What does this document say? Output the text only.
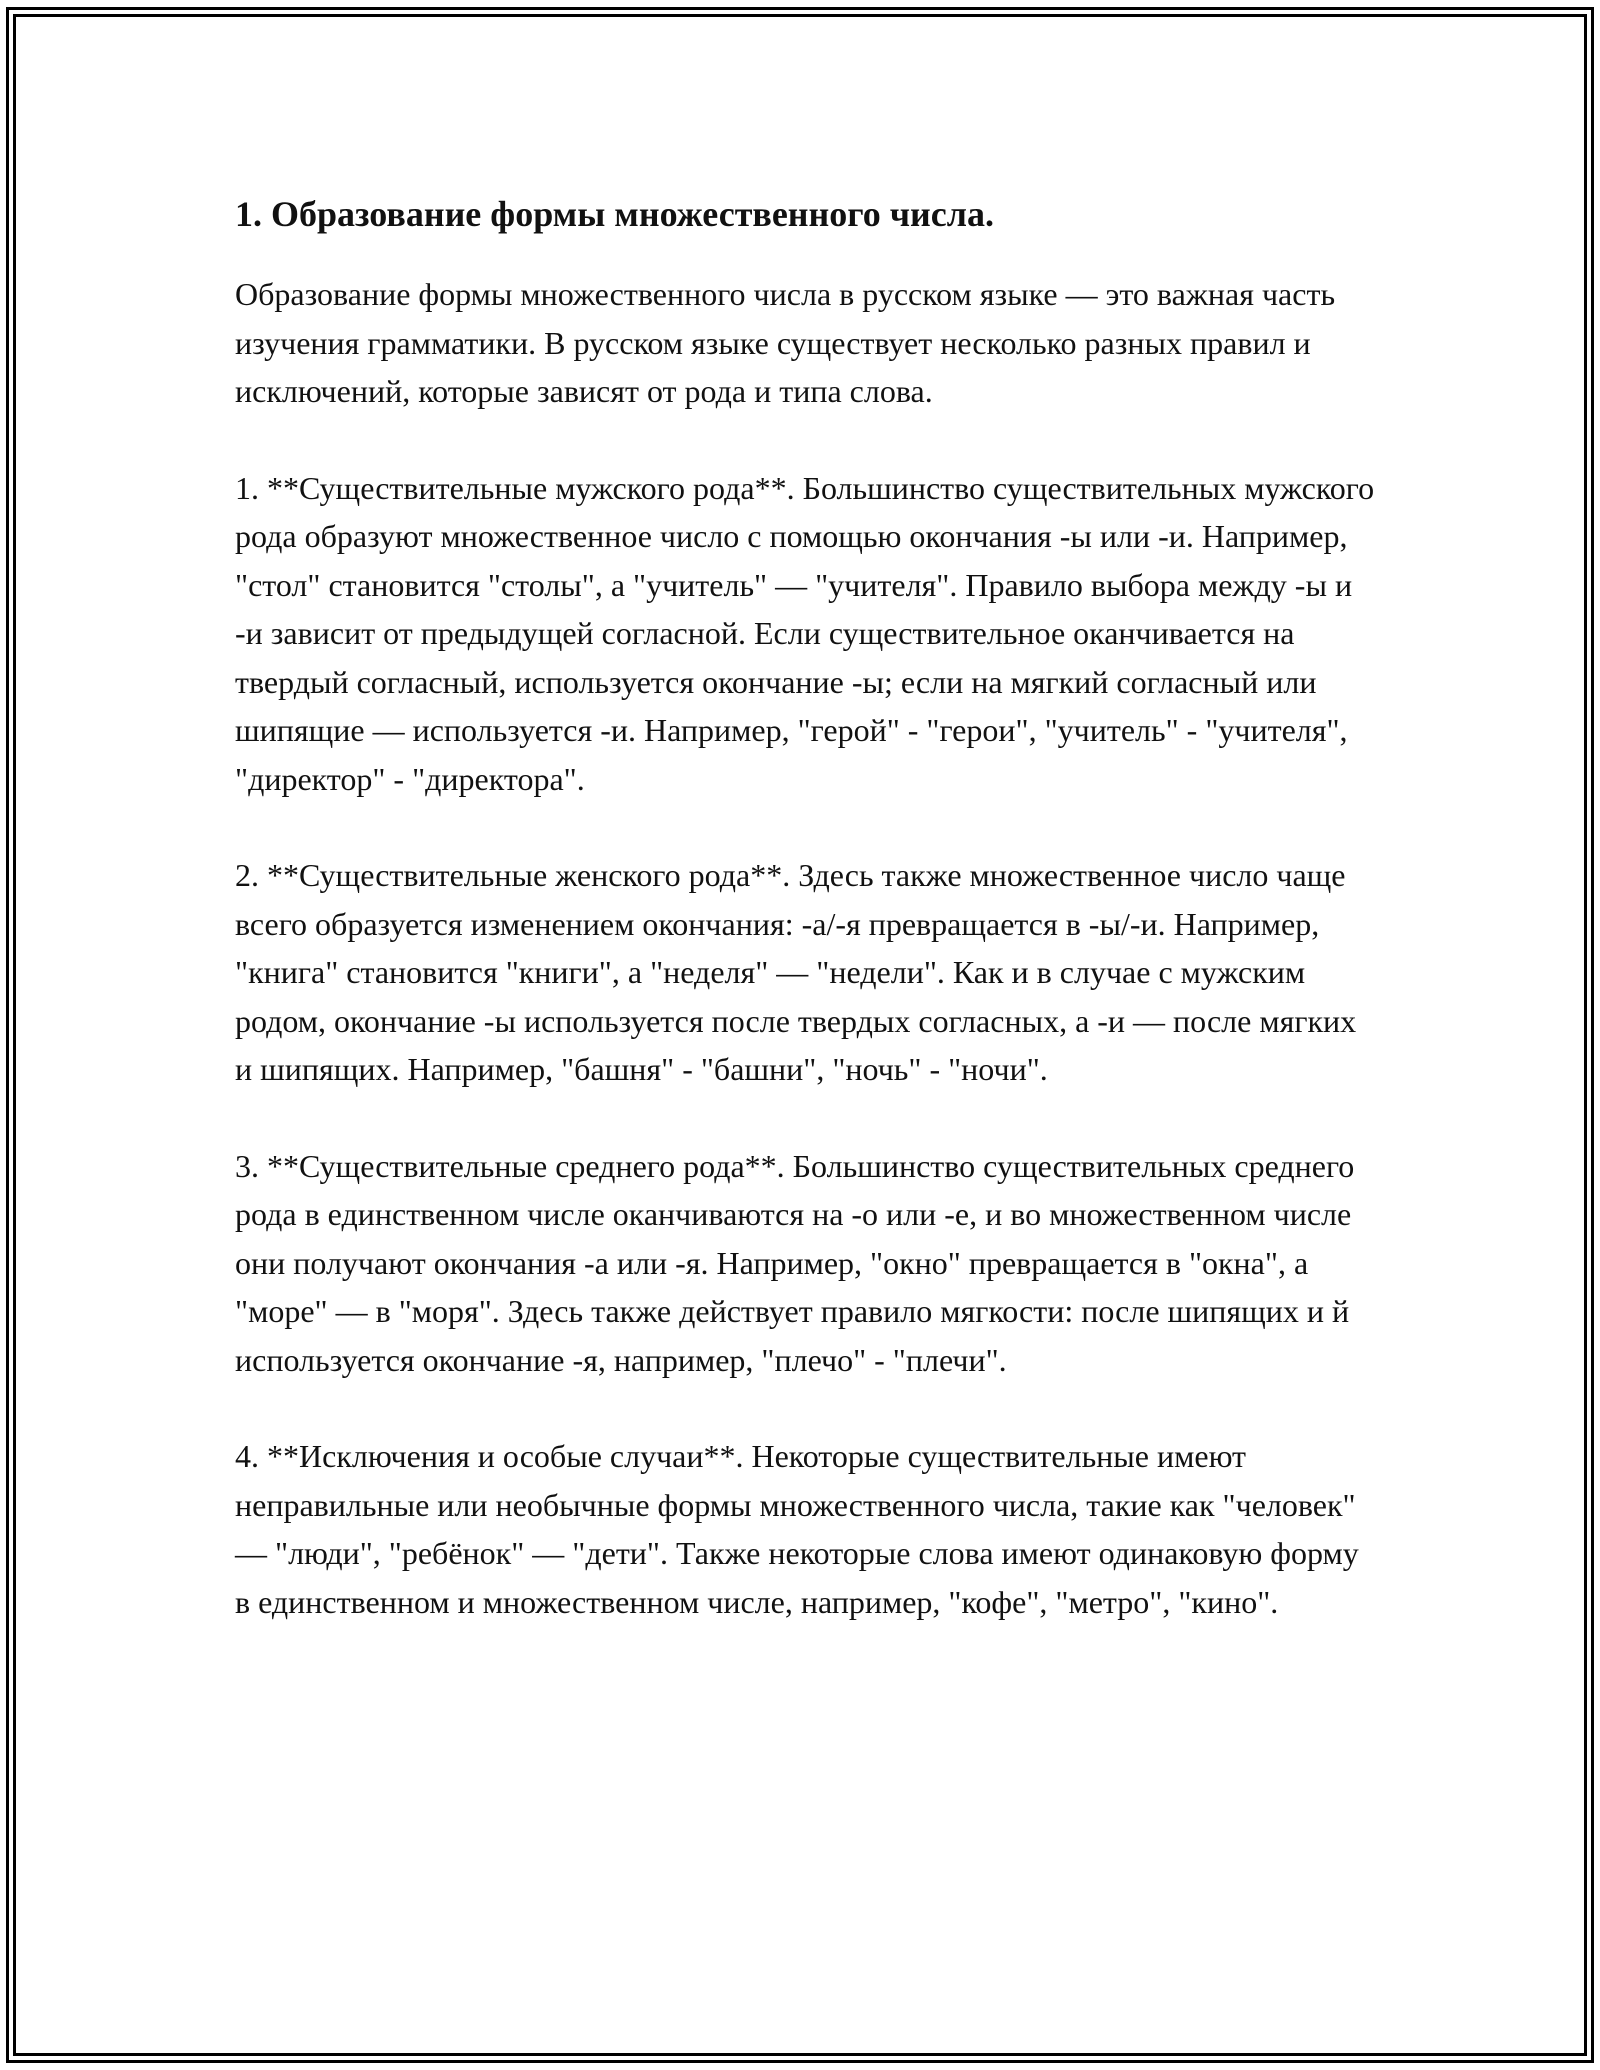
1. Образование формы множественного числа.

Образование формы множественного числа в русском языке — это важная часть изучения грамматики. В русском языке существует несколько разных правил и исключений, которые зависят от рода и типа слова.

1. **Существительные мужского рода**. Большинство существительных мужского рода образуют множественное число с помощью окончания -ы или -и. Например, "стол" становится "столы", а "учитель" — "учителя". Правило выбора между -ы и -и зависит от предыдущей согласной. Если существительное оканчивается на твердый согласный, используется окончание -ы; если на мягкий согласный или шипящие — используется -и. Например, "герой" - "герои", "учитель" - "учителя", "директор" - "директора".

2. **Существительные женского рода**. Здесь также множественное число чаще всего образуется изменением окончания: -а/-я превращается в -ы/-и. Например, "книга" становится "книги", а "неделя" — "недели". Как и в случае с мужским родом, окончание -ы используется после твердых согласных, а -и — после мягких и шипящих. Например, "башня" - "башни", "ночь" - "ночи".

3. **Существительные среднего рода**. Большинство существительных среднего рода в единственном числе оканчиваются на -о или -е, и во множественном числе они получают окончания -а или -я. Например, "окно" превращается в "окна", а "море" — в "моря". Здесь также действует правило мягкости: после шипящих и й используется окончание -я, например, "плечо" - "плечи".

4. **Исключения и особые случаи**. Некоторые существительные имеют неправильные или необычные формы множественного числа, такие как "человек" — "люди", "ребёнок" — "дети". Также некоторые слова имеют одинаковую форму в единственном и множественном числе, например, "кофе", "метро", "кино".
